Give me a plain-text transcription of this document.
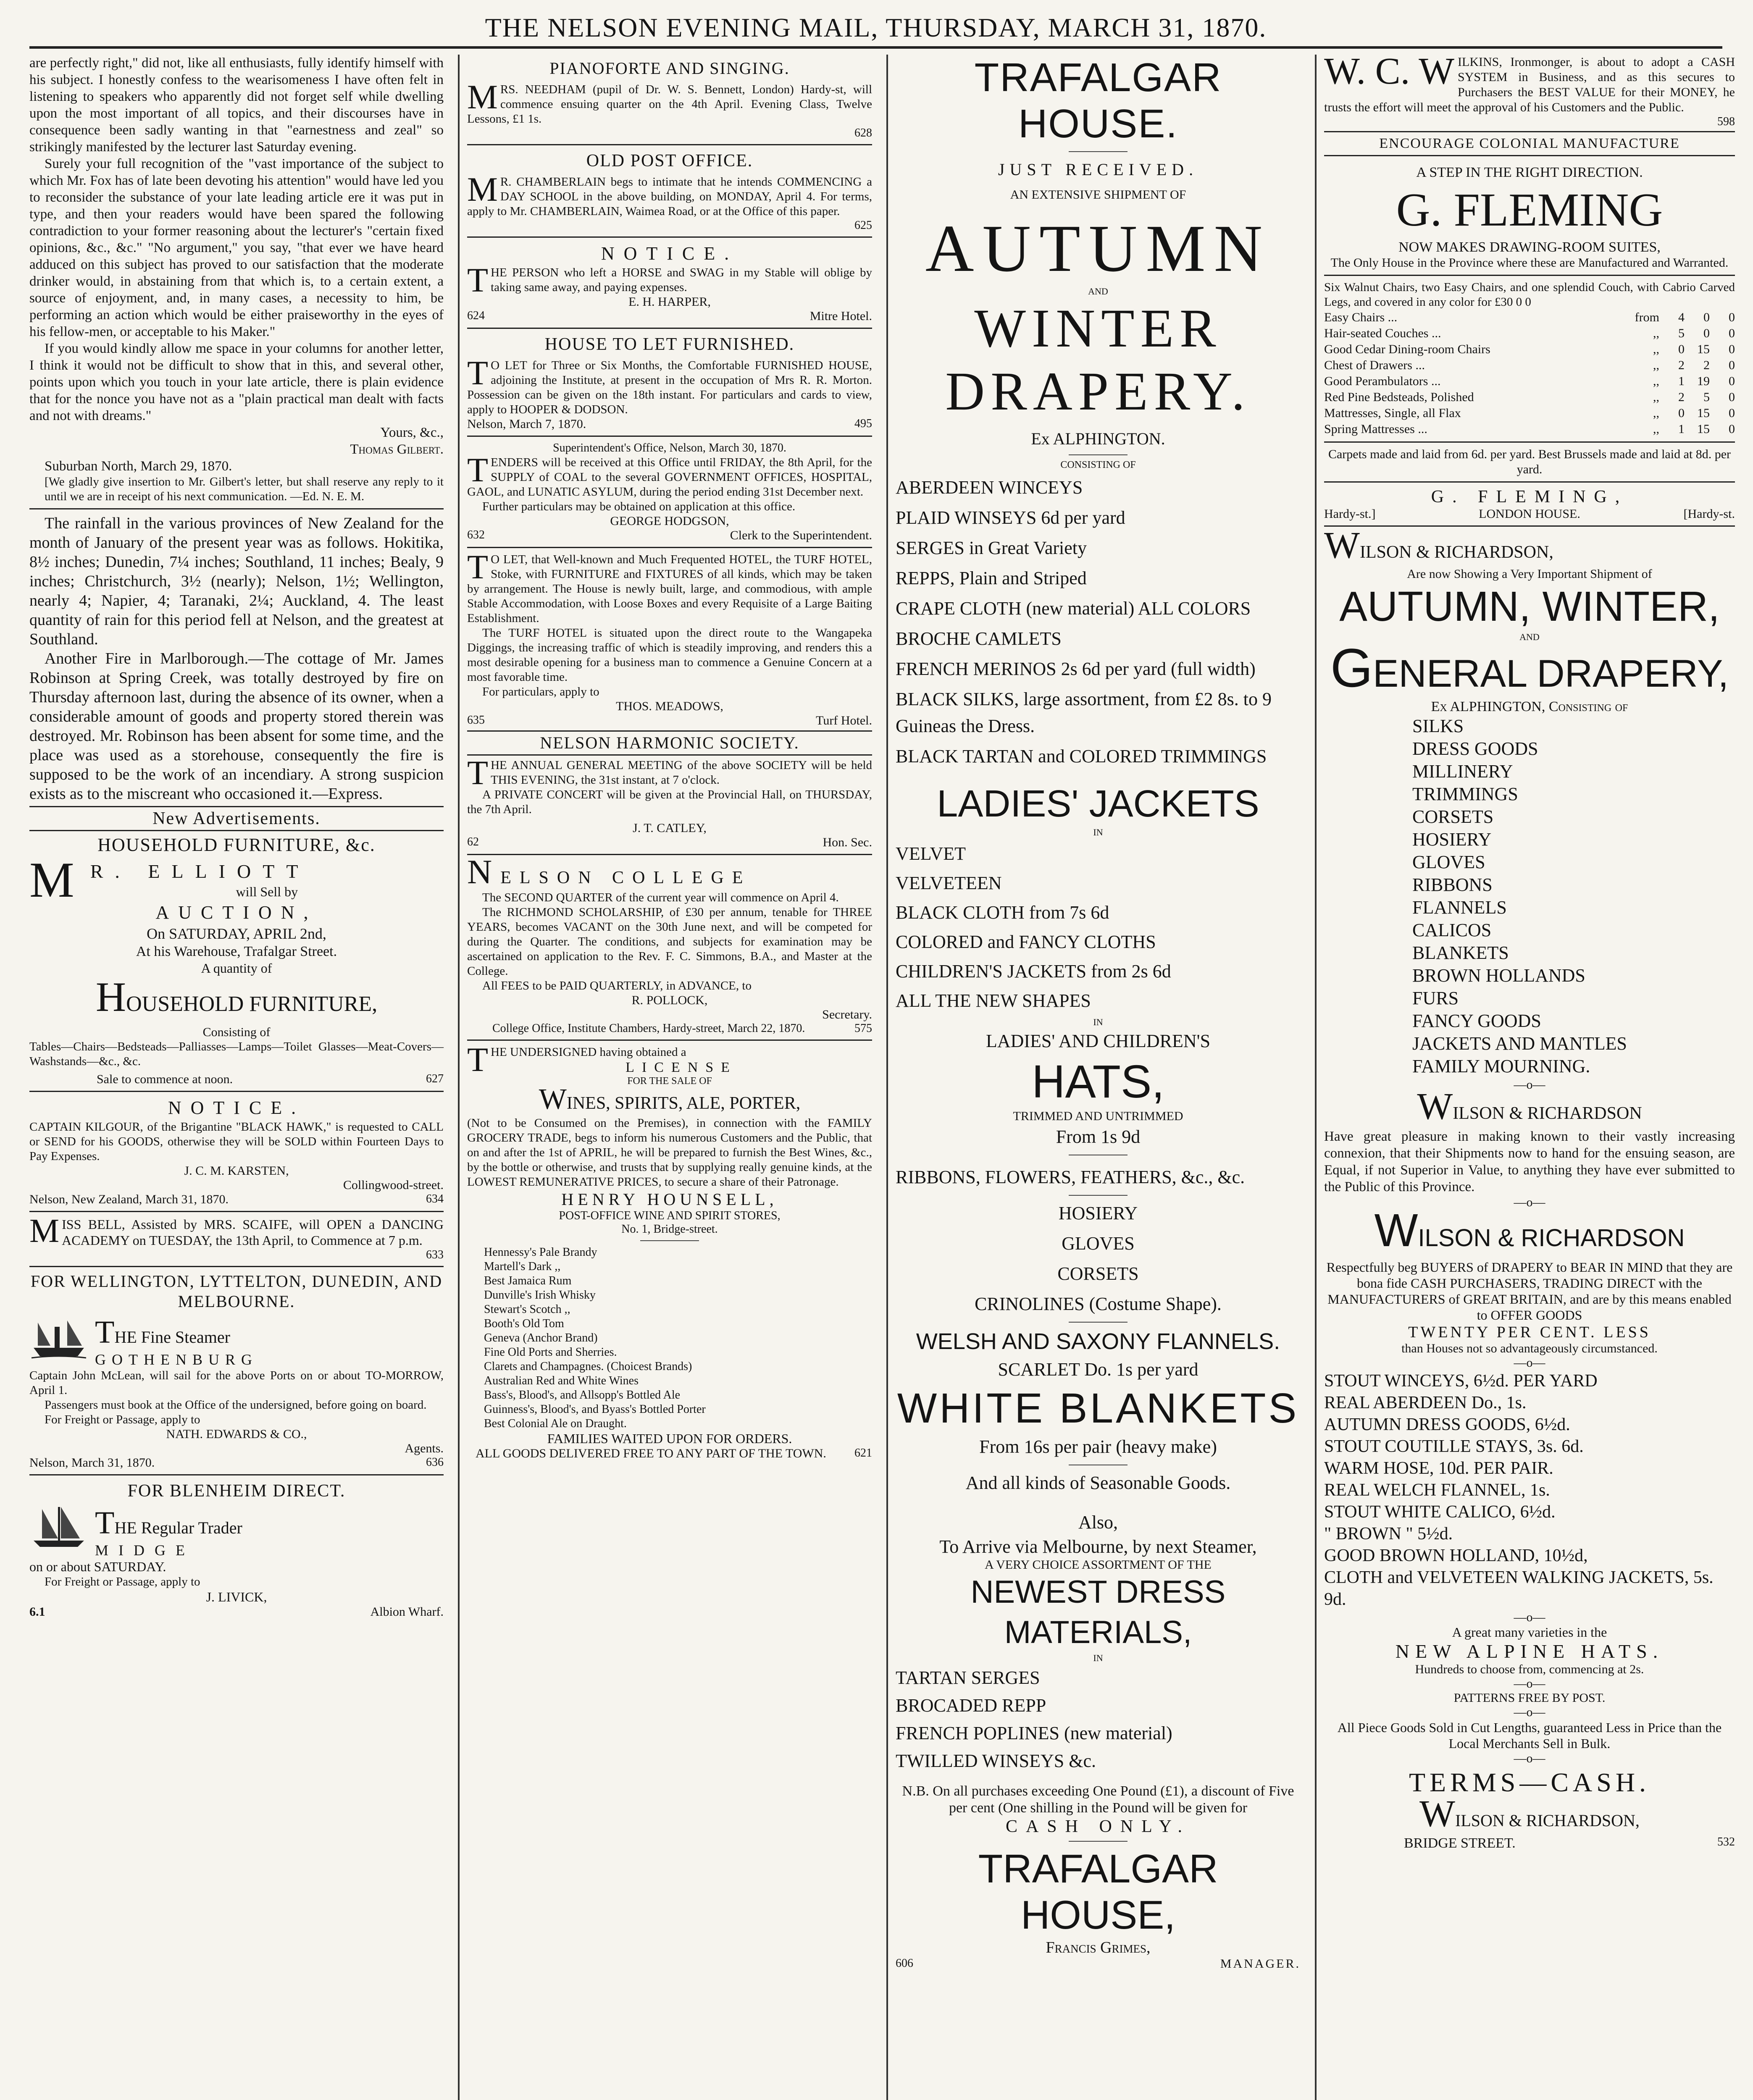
THE NELSON EVENING MAIL, THURSDAY, MARCH 31, 1870.

are perfectly right," did not, like all enthusiasts, fully identify himself with his subject. I honestly confess to the wearisomeness I have often felt in listening to speakers who apparently did not forget self while dwelling upon the most important of all topics, and their discourses have in consequence been sadly wanting in that "earnestness and zeal" so strikingly manifested by the lecturer last Saturday evening.

Surely your full recognition of the "vast importance of the subject to which Mr. Fox has of late been devoting his attention" would have led you to reconsider the substance of your late leading article ere it was put in type, and then your readers would have been spared the following contradiction to your former reasoning about the lecturer's "certain fixed opinions, &c., &c." "No argument," you say, "that ever we have heard adduced on this subject has proved to our satisfaction that the moderate drinker would, in abstaining from that which is, to a certain extent, a source of enjoyment, and, in many cases, a necessity to him, be performing an action which would be either praiseworthy in the eyes of his fellow-men, or acceptable to his Maker."

If you would kindly allow me space in your columns for another letter, I think it would not be difficult to show that in this, and several other, points upon which you touch in your late article, there is plain evidence that for the nonce you have not as a "plain practical man dealt with facts and not with dreams."

Yours, &c.,

Thomas Gilbert.

Suburban North, March 29, 1870.

[We gladly give insertion to Mr. Gilbert's letter, but shall reserve any reply to it until we are in receipt of his next communication. —Ed. N. E. M.

The rainfall in the various provinces of New Zealand for the month of January of the present year was as follows. Hokitika, 8½ inches; Dunedin, 7¼ inches; Southland, 11 inches; Bealy, 9 inches; Christchurch, 3½ (nearly); Nelson, 1½; Wellington, nearly 4; Napier, 4; Taranaki, 2¼; Auckland, 4. The least quantity of rain for this period fell at Nelson, and the greatest at Southland.

Another Fire in Marlborough.—The cottage of Mr. James Robinson at Spring Creek, was totally destroyed by fire on Thursday afternoon last, during the absence of its owner, when a considerable amount of goods and property stored therein was destroyed. Mr. Robinson has been absent for some time, and the place was used as a storehouse, consequently the fire is supposed to be the work of an incendiary. A strong suspicion exists as to the miscreant who occasioned it.—Express.

New Advertisements.
HOUSEHOLD FURNITURE, &c.
M R. ELLIOTT
will Sell by
AUCTION,
On SATURDAY, APRIL 2nd,
At his Warehouse, Trafalgar Street.
A quantity of
HOUSEHOLD FURNITURE,
Consisting of

Tables—Chairs—Bedsteads—Palliasses—Lamps—Toilet Glasses—Meat-Covers—Washstands—&c., &c.

Sale to commence at noon.	627
NOTICE.

CAPTAIN KILGOUR, of the Brigantine "BLACK HAWK," is requested to CALL or SEND for his GOODS, otherwise they will be SOLD within Fourteen Days to Pay Expenses.

J. C. M. KARSTEN,
Collingwood-street.
Nelson, New Zealand, March 31, 1870.	634

MISS BELL, Assisted by MRS. SCAIFE, will OPEN a DANCING ACADEMY on TUESDAY, the 13th April, to Commence at 7 p.m.

633
FOR WELLINGTON, LYTTELTON, DUNEDIN, AND MELBOURNE.
THE Fine Steamer
GOTHENBURG

Captain John McLean, will sail for the above Ports on or about TO-MORROW, April 1.

Passengers must book at the Office of the undersigned, before going on board.

For Freight or Passage, apply to

NATH. EDWARDS & CO.,
Agents.
Nelson, March 31, 1870.	636
FOR BLENHEIM DIRECT.
THE Regular Trader
MIDGE
on or about SATURDAY.

For Freight or Passage, apply to

J. LIVICK,
6.1	Albion Wharf.
PIANOFORTE AND SINGING.

MRS. NEEDHAM (pupil of Dr. W. S. Bennett, London) Hardy-st, will commence ensuing quarter on the 4th April. Evening Class, Twelve Lessons, £1 1s.

628
OLD POST OFFICE.

M R. CHAMBERLAIN begs to intimate that he intends COMMENCING a DAY SCHOOL in the above building, on MONDAY, April 4. For terms, apply to Mr. CHAMBERLAIN, Waimea Road, or at the Office of this paper.

625
NOTICE.

THE PERSON who left a HORSE and SWAG in my Stable will oblige by taking same away, and paying expenses.

E. H. HARPER,
624	Mitre Hotel.
HOUSE TO LET FURNISHED.

T O LET for Three or Six Months, the Comfortable FURNISHED HOUSE, adjoining the Institute, at present in the occupation of Mrs R. R. Morton. Possession can be given on the 18th instant. For particulars and cards to view, apply to HOOPER & DODSON.

Nelson, March 7, 1870.	495
Superintendent's Office, Nelson, March 30, 1870.

TENDERS will be received at this Office until FRIDAY, the 8th April, for the SUPPLY of COAL to the several GOVERNMENT OFFICES, HOSPITAL, GAOL, and LUNATIC ASYLUM, during the period ending 31st December next.

Further particulars may be obtained on application at this office.

GEORGE HODGSON,
632	Clerk to the Superintendent.

T O LET, that Well-known and Much Frequented HOTEL, the TURF HOTEL, Stoke, with FURNITURE and FIXTURES of all kinds, which may be taken by arrangement. The House is newly built, large, and commodious, with ample Stable Accommodation, with Loose Boxes and every Requisite of a Large Baiting Establishment.

The TURF HOTEL is situated upon the direct route to the Wangapeka Diggings, the increasing traffic of which is steadily improving, and renders this a most desirable opening for a business man to commence a Genuine Concern at a most favorable time.

For particulars, apply to

THOS. MEADOWS,
635	Turf Hotel.
NELSON HARMONIC SOCIETY.

THE ANNUAL GENERAL MEETING of the above SOCIETY will be held THIS EVENING, the 31st instant, at 7 o'clock.

A PRIVATE CONCERT will be given at the Provincial Hall, on THURSDAY, the 7th April.

J. T. CATLEY,
62	Hon. Sec.
NELSON COLLEGE

The SECOND QUARTER of the current year will commence on April 4.

The RICHMOND SCHOLARSHIP, of £30 per annum, tenable for THREE YEARS, becomes VACANT on the 30th June next, and will be competed for during the Quarter. The conditions, and subjects for examination may be ascertained on application to the Rev. F. C. Simmons, B.A., and Master at the College.

All FEES to be PAID QUARTERLY, in ADVANCE, to

R. POLLOCK,
Secretary.
College Office, Institute Chambers, Hardy-street, March 22, 1870.	575

THE UNDERSIGNED having obtained a

LICENSE
FOR THE SALE OF
WINES, SPIRITS, ALE, PORTER,

(Not to be Consumed on the Premises), in connection with the FAMILY GROCERY TRADE, begs to inform his numerous Customers and the Public, that on and after the 1st of APRIL, he will be prepared to furnish the Best Wines, &c., by the bottle or otherwise, and trusts that by supplying really genuine kinds, at the LOWEST REMUNERATIVE PRICES, to secure a share of their Patronage.

HENRY HOUNSELL,
POST-OFFICE WINE AND SPIRIT STORES,
No. 1, Bridge-street.
Hennessy's Pale Brandy
Martell's Dark ,,
Best Jamaica Rum
Dunville's Irish Whisky
Stewart's Scotch ,,
Booth's Old Tom
Geneva (Anchor Brand)
Fine Old Ports and Sherries.
Clarets and Champagnes. (Choicest Brands)
Australian Red and White Wines
Bass's, Blood's, and Allsopp's Bottled Ale
Guinness's, Blood's, and Byass's Bottled Porter
Best Colonial Ale on Draught.
FAMILIES WAITED UPON FOR ORDERS.
ALL GOODS DELIVERED FREE TO ANY PART OF THE TOWN. 621
TRAFALGAR HOUSE.
JUST RECEIVED.
AN EXTENSIVE SHIPMENT OF
AUTUMN
AND
WINTER
DRAPERY.
Ex ALPHINGTON.
CONSISTING OF
ABERDEEN WINCEYS
PLAID WINSEYS 6d per yard
SERGES in Great Variety
REPPS, Plain and Striped
CRAPE CLOTH (new material) ALL COLORS
BROCHE CAMLETS
FRENCH MERINOS 2s 6d per yard (full width)
BLACK SILKS, large assortment, from £2 8s. to 9 Guineas the Dress.
BLACK TARTAN and COLORED TRIMMINGS
LADIES' JACKETS
IN
VELVET
VELVETEEN
BLACK CLOTH from 7s 6d
COLORED and FANCY CLOTHS
CHILDREN'S JACKETS from 2s 6d
ALL THE NEW SHAPES
IN
LADIES' AND CHILDREN'S
HATS,
TRIMMED AND UNTRIMMED
From 1s 9d
RIBBONS, FLOWERS, FEATHERS, &c., &c.
HOSIERY
GLOVES
CORSETS
CRINOLINES (Costume Shape).
WELSH AND SAXONY FLANNELS.
SCARLET Do. 1s per yard
WHITE BLANKETS
From 16s per pair (heavy make)
And all kinds of Seasonable Goods.
Also,
To Arrive via Melbourne, by next Steamer,
A VERY CHOICE ASSORTMENT OF THE
NEWEST DRESS MATERIALS,
IN
TARTAN SERGES
BROCADED REPP
FRENCH POPLINES (new material)
TWILLED WINSEYS &c.

N.B. On all purchases exceeding One Pound (£1), a discount of Five per cent (One shilling in the Pound will be given for

CASH ONLY.
TRAFALGAR HOUSE,
Francis Grimes,
606	MANAGER.

W. C. W ILKINS, Ironmonger, is about to adopt a CASH SYSTEM in Business, and as this secures to Purchasers the BEST VALUE for their MONEY, he trusts the effort will meet the approval of his Customers and the Public.

598
ENCOURAGE COLONIAL MANUFACTURE
A STEP IN THE RIGHT DIRECTION.
G. FLEMING
NOW MAKES DRAWING-ROOM SUITES,
The Only House in the Province where these are Manufactured and Warranted.

Six Walnut Chairs, two Easy Chairs, and one splendid Couch, with Cabrio Carved Legs, and covered in any color for £30 0 0

Easy Chairs ...	from	4	0	0
Hair-seated Couches ...	,,	5	0	0
Good Cedar Dining-room Chairs	,,	0	15	0
Chest of Drawers ...	,,	2	2	0
Good Perambulators ...	,,	1	19	0
Red Pine Bedsteads, Polished	,,	2	5	0
Mattresses, Single, all Flax	,,	0	15	0
Spring Mattresses ...	,,	1	15	0
Carpets made and laid from 6d. per yard. Best Brussels made and laid at 8d. per yard.
G. FLEMING,
Hardy-st.]	LONDON HOUSE.	[Hardy-st.
WILSON & RICHARDSON,
Are now Showing a Very Important Shipment of
AUTUMN, WINTER,
AND
GENERAL DRAPERY,
Ex ALPHINGTON, Consisting of
SILKS
DRESS GOODS
MILLINERY
TRIMMINGS
CORSETS
HOSIERY
GLOVES
RIBBONS
FLANNELS
CALICOS
BLANKETS
BROWN HOLLANDS
FURS
FANCY GOODS
JACKETS AND MANTLES
FAMILY MOURNING.
—o—
WILSON & RICHARDSON

Have great pleasure in making known to their vastly increasing connexion, that their Shipments now to hand for the ensuing season, are Equal, if not Superior in Value, to anything they have ever submitted to the Public of this Province.

—o—
WILSON & RICHARDSON

Respectfully beg BUYERS of DRAPERY to BEAR IN MIND that they are bona fide CASH PURCHASERS, TRADING DIRECT with the MANUFACTURERS of GREAT BRITAIN, and are by this means enabled to OFFER GOODS

TWENTY PER CENT. LESS
than Houses not so advantageously circumstanced.
—o—
STOUT WINCEYS, 6½d. PER YARD
REAL ABERDEEN Do., 1s.
AUTUMN DRESS GOODS, 6½d.
STOUT COUTILLE STAYS, 3s. 6d.
WARM HOSE, 10d. PER PAIR.
REAL WELCH FLANNEL, 1s.
STOUT WHITE CALICO, 6½d.
" BROWN " 5½d.
GOOD BROWN HOLLAND, 10½d,
CLOTH and VELVETEEN WALKING JACKETS, 5s. 9d.
—o—
A great many varieties in the
NEW ALPINE HATS.
Hundreds to choose from, commencing at 2s.
—o—
PATTERNS FREE BY POST.
—o—
All Piece Goods Sold in Cut Lengths, guaranteed Less in Price than the Local Merchants Sell in Bulk.
—o—
TERMS—CASH.
WILSON & RICHARDSON,
BRIDGE STREET.	532
